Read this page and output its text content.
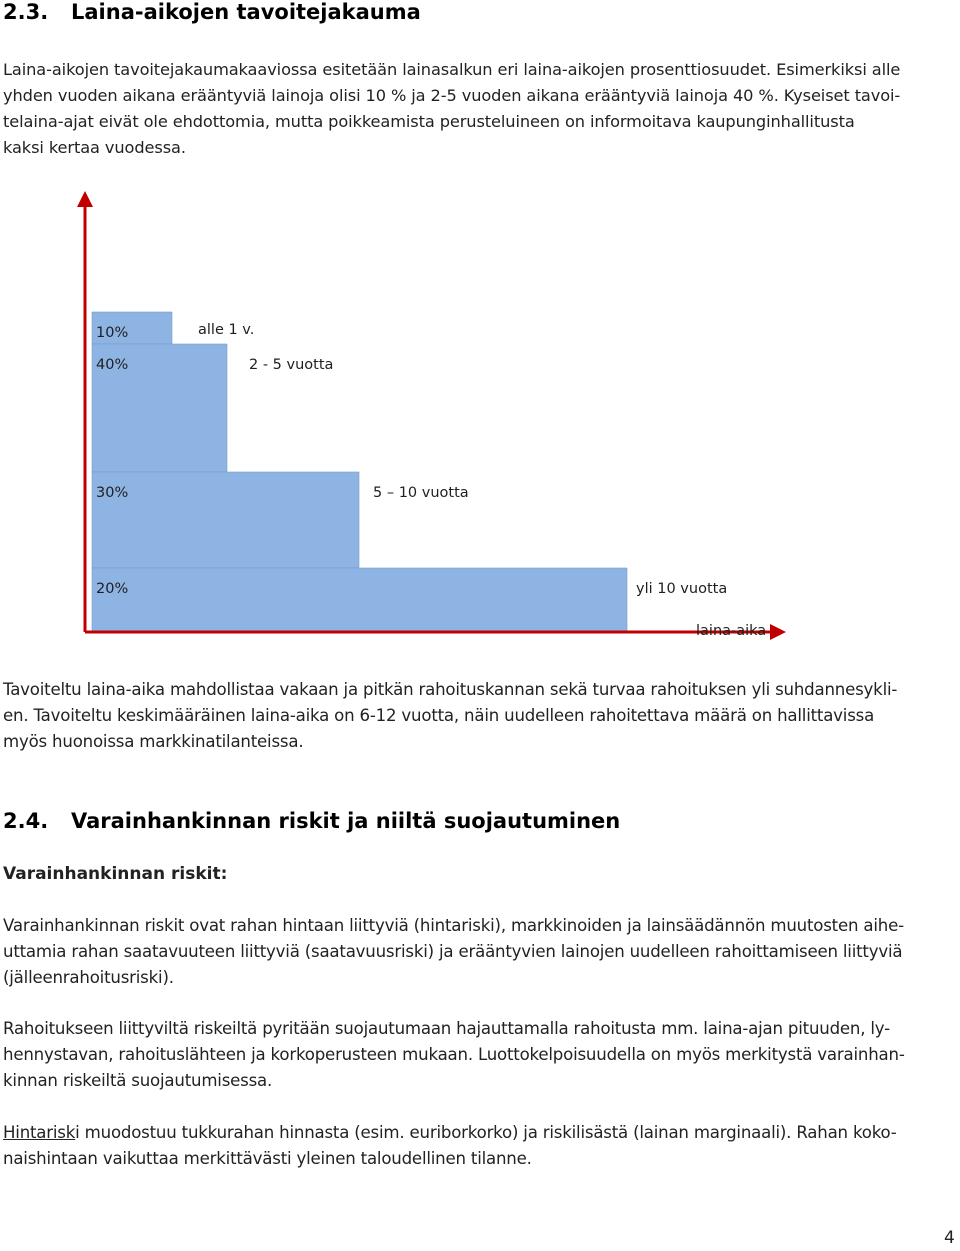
2.3. Laina-aikojen tavoitejakauma

Laina-aikojen tavoitejakaumakaaviossa esitetään lainasalkun eri laina-aikojen prosenttiosuudet. Esimerkiksi alle

yhden vuoden aikana erääntyviä lainoja olisi 10 % ja 2-5 vuoden aikana erääntyviä lainoja 40 %. Kyseiset tavoi-

telaina-ajat eivät ole ehdottomia, mutta poikkeamista perusteluineen on informoitava kaupunginhallitusta

kaksi kertaa vuodessa.

10%	alle 1 v.
40%	2 - 5 vuotta
30%	5 – 10 vuotta
20%	yli 10 vuotta
laina-aika

Tavoiteltu laina-aika mahdollistaa vakaan ja pitkän rahoituskannan sekä turvaa rahoituksen yli suhdannesykli-

en. Tavoiteltu keskimääräinen laina-aika on 6-12 vuotta, näin uudelleen rahoitettava määrä on hallittavissa

myös huonoissa markkinatilanteissa.

2.4. Varainhankinnan riskit ja niiltä suojautuminen
Varainhankinnan riskit:

Varainhankinnan riskit ovat rahan hintaan liittyviä (hintariski), markkinoiden ja lainsäädännön muutosten aihe-

uttamia rahan saatavuuteen liittyviä (saatavuusriski) ja erääntyvien lainojen uudelleen rahoittamiseen liittyviä

(jälleenrahoitusriski).

Rahoitukseen liittyviltä riskeiltä pyritään suojautumaan hajauttamalla rahoitusta mm. laina-ajan pituuden, ly-

hennystavan, rahoituslähteen ja korkoperusteen mukaan. Luottokelpoisuudella on myös merkitystä varainhan-

kinnan riskeiltä suojautumisessa.

Hintariski muodostuu tukkurahan hinnasta (esim. euriborkorko) ja riskilisästä (lainan marginaali). Rahan koko-

naishintaan vaikuttaa merkittävästi yleinen taloudellinen tilanne.

4
